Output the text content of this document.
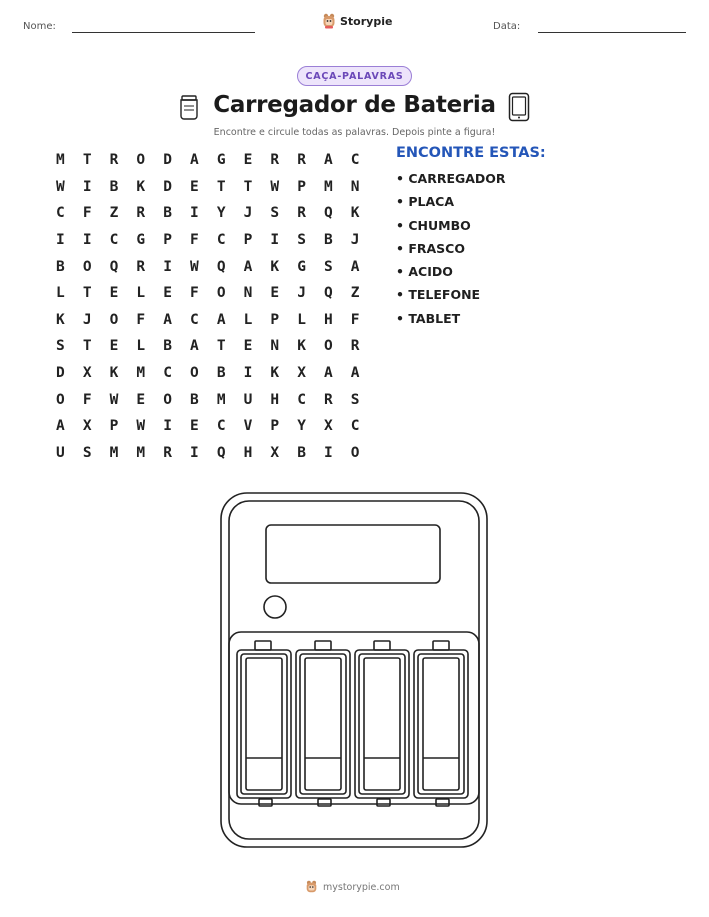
Nome:	Storypie	Data:
CAÇA-PALAVRAS
Carregador de Bateria
Encontre e circule todas as palavras. Depois pinte a figura!
M	T	R	O	D	A	G	E	R	R	A	C
W	I	B	K	D	E	T	T	W	P	M	N
C	F	Z	R	B	I	Y	J	S	R	Q	K
I	I	C	G	P	F	C	P	I	S	B	J
B	O	Q	R	I	W	Q	A	K	G	S	A
L	T	E	L	E	F	O	N	E	J	Q	Z
K	J	O	F	A	C	A	L	P	L	H	F
S	T	E	L	B	A	T	E	N	K	O	R
D	X	K	M	C	O	B	I	K	X	A	A
O	F	W	E	O	B	M	U	H	C	R	S
A	X	P	W	I	E	C	V	P	Y	X	C
U	S	M	M	R	I	Q	H	X	B	I	O
ENCONTRE ESTAS:
• CARREGADOR
• PLACA
• CHUMBO
• FRASCO
• ACIDO
• TELEFONE
• TABLET
mystorypie.com
